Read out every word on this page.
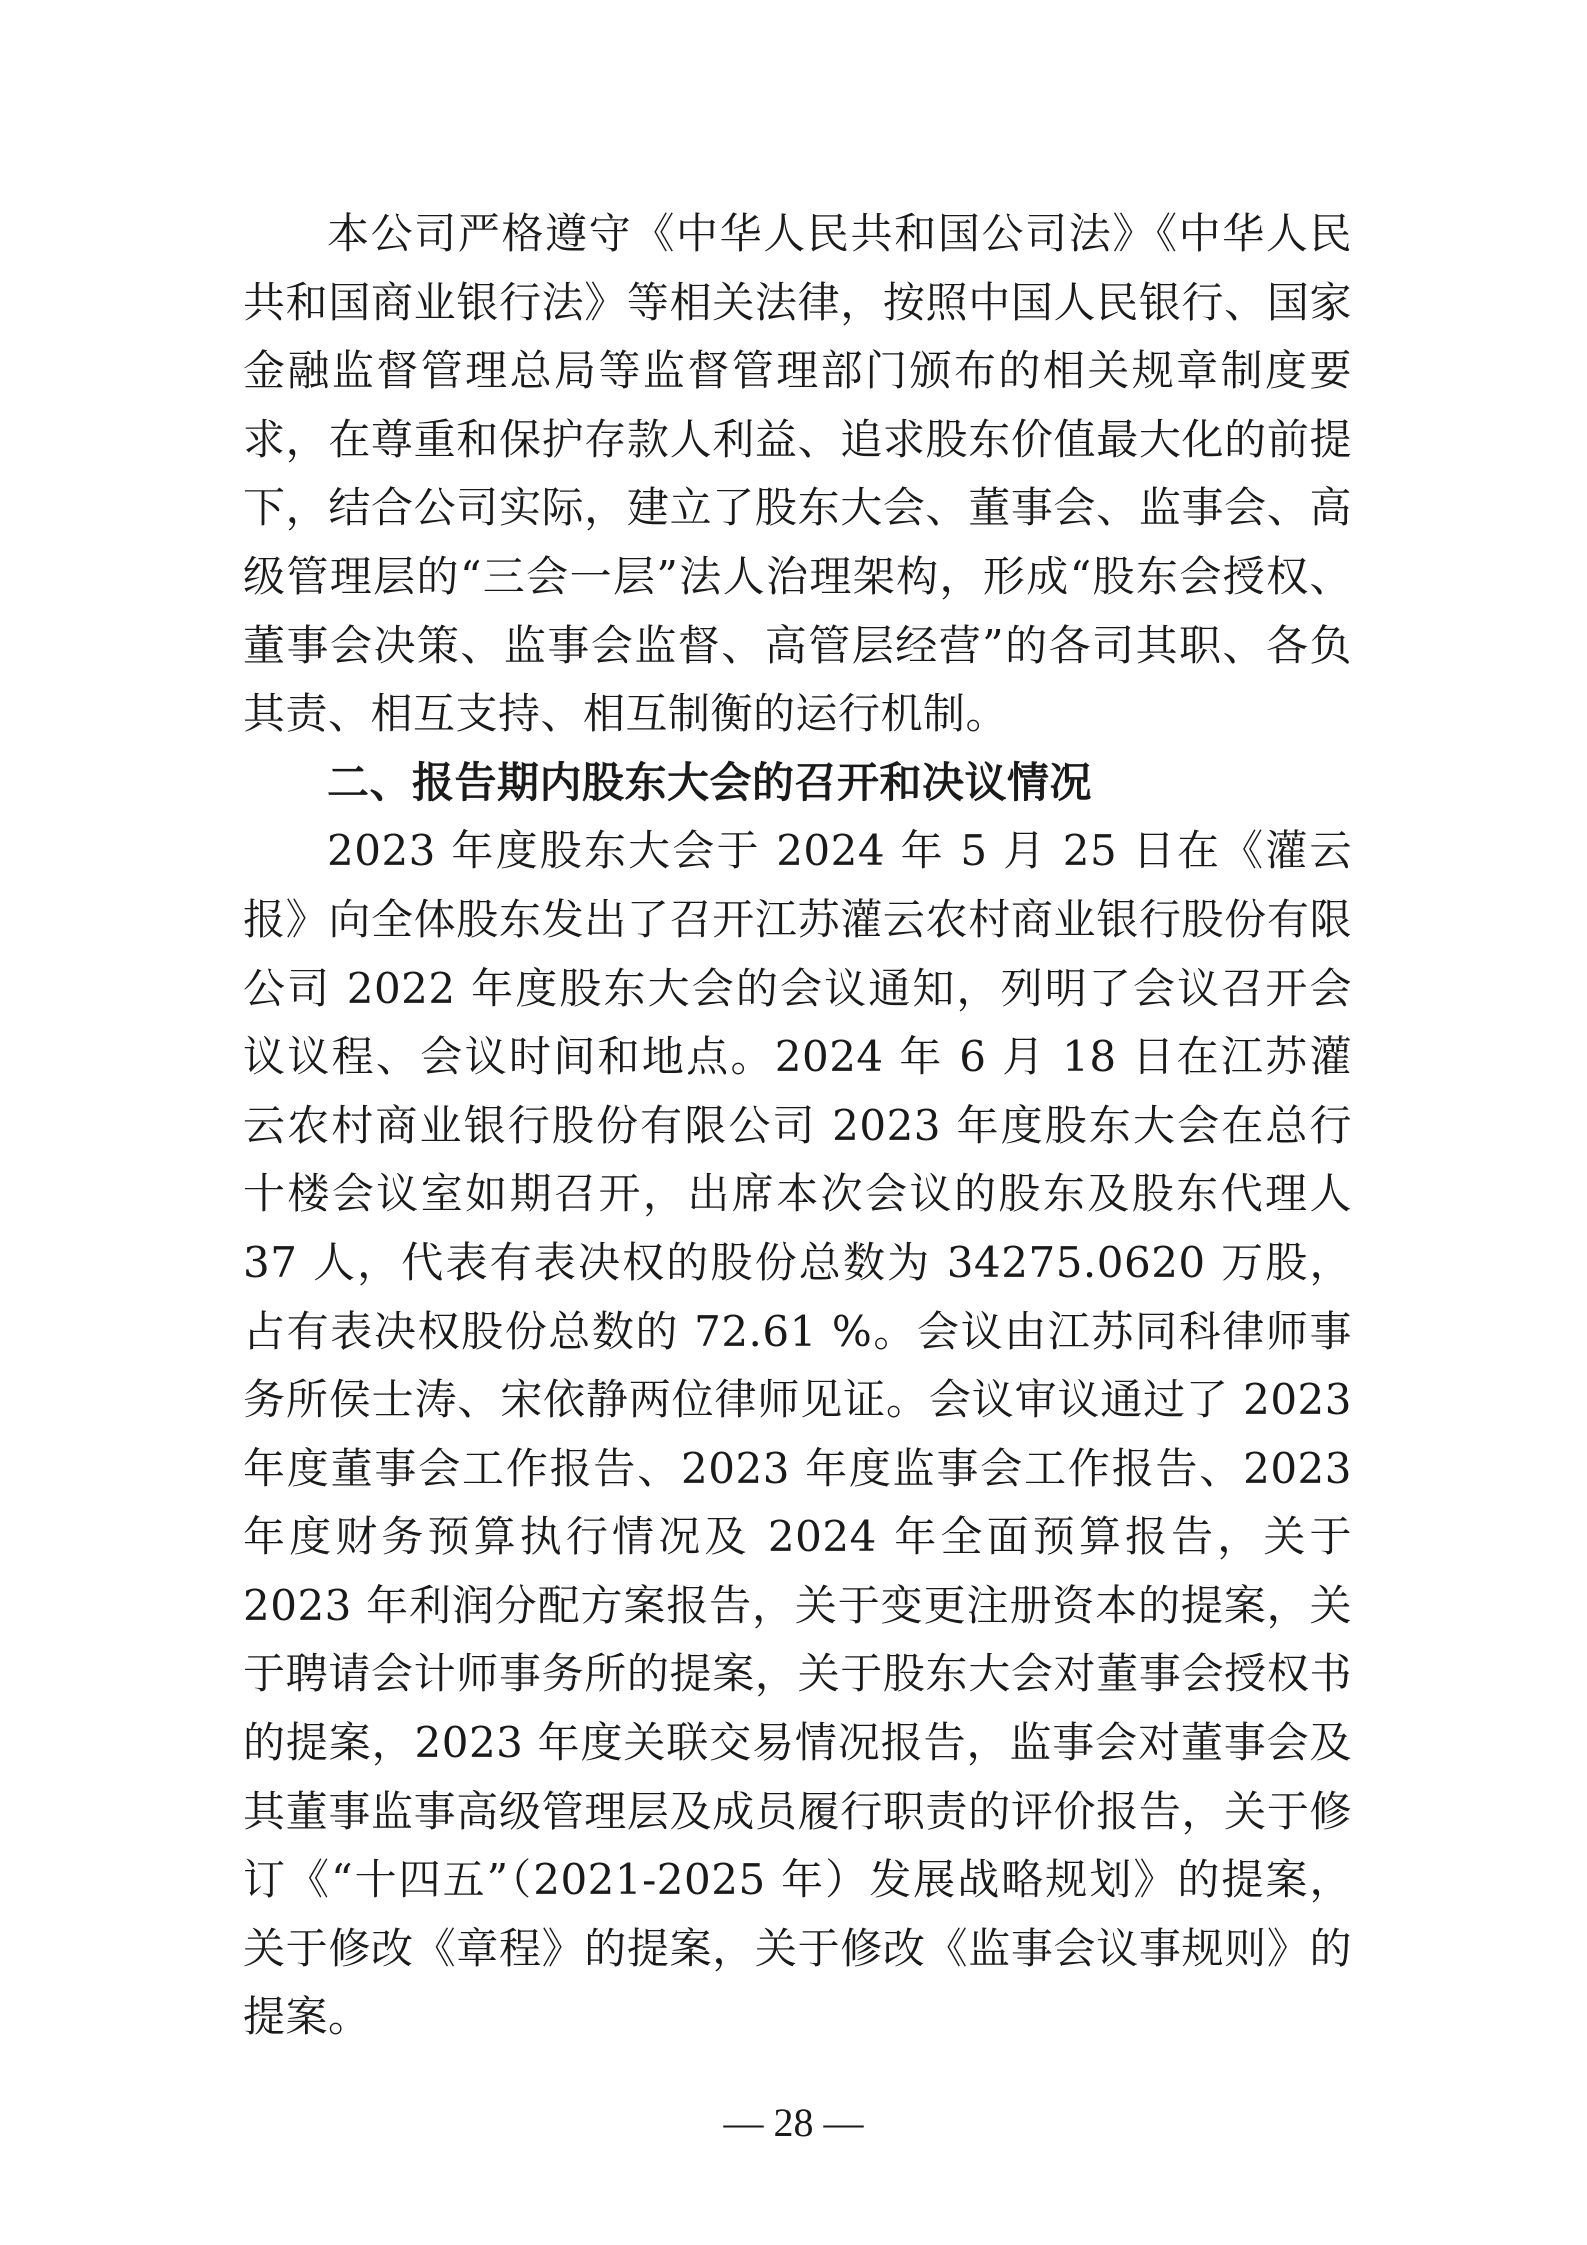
本公司严格遵守《中华人民共和国公司法》《中华人民共和国商业银行法》等相关法律，按照中国人民银行、国家金融监督管理总局等监督管理部门颁布的相关规章制度要求，在尊重和保护存款人利益、追求股东价值最大化的前提下，结合公司实际，建立了股东大会、董事会、监事会、高级管理层的“三会一层”法人治理架构，形成“股东会授权、董事会决策、监事会监督、高管层经营”的各司其职、各负其责、相互支持、相互制衡的运行机制。

二、报告期内股东大会的召开和决议情况

2023 年度股东大会于 2024 年 5 月 25 日在《灌云报》向全体股东发出了召开江苏灌云农村商业银行股份有限公司 2022 年度股东大会的会议通知，列明了会议召开会议议程、会议时间和地点。2024 年 6 月 18 日在江苏灌云农村商业银行股份有限公司 2023 年度股东大会在总行十楼会议室如期召开，出席本次会议的股东及股东代理人 37 人，代表有表决权的股份总数为 34275.0620 万股，占有表决权股份总数的 72.61 %。会议由江苏同科律师事务所侯士涛、宋依静两位律师见证。会议审议通过了 2023 年度董事会工作报告、2023 年度监事会工作报告、2023 年度财务预算执行情况及 2024 年全面预算报告，关于 2023 年利润分配方案报告，关于变更注册资本的提案，关于聘请会计师事务所的提案，关于股东大会对董事会授权书的提案，2023 年度关联交易情况报告，监事会对董事会及其董事监事高级管理层及成员履行职责的评价报告，关于修订《“十四五”（2021-2025 年）发展战略规划》的提案，关于修改《章程》的提案，关于修改《监事会议事规则》的提案。

— 28 —
